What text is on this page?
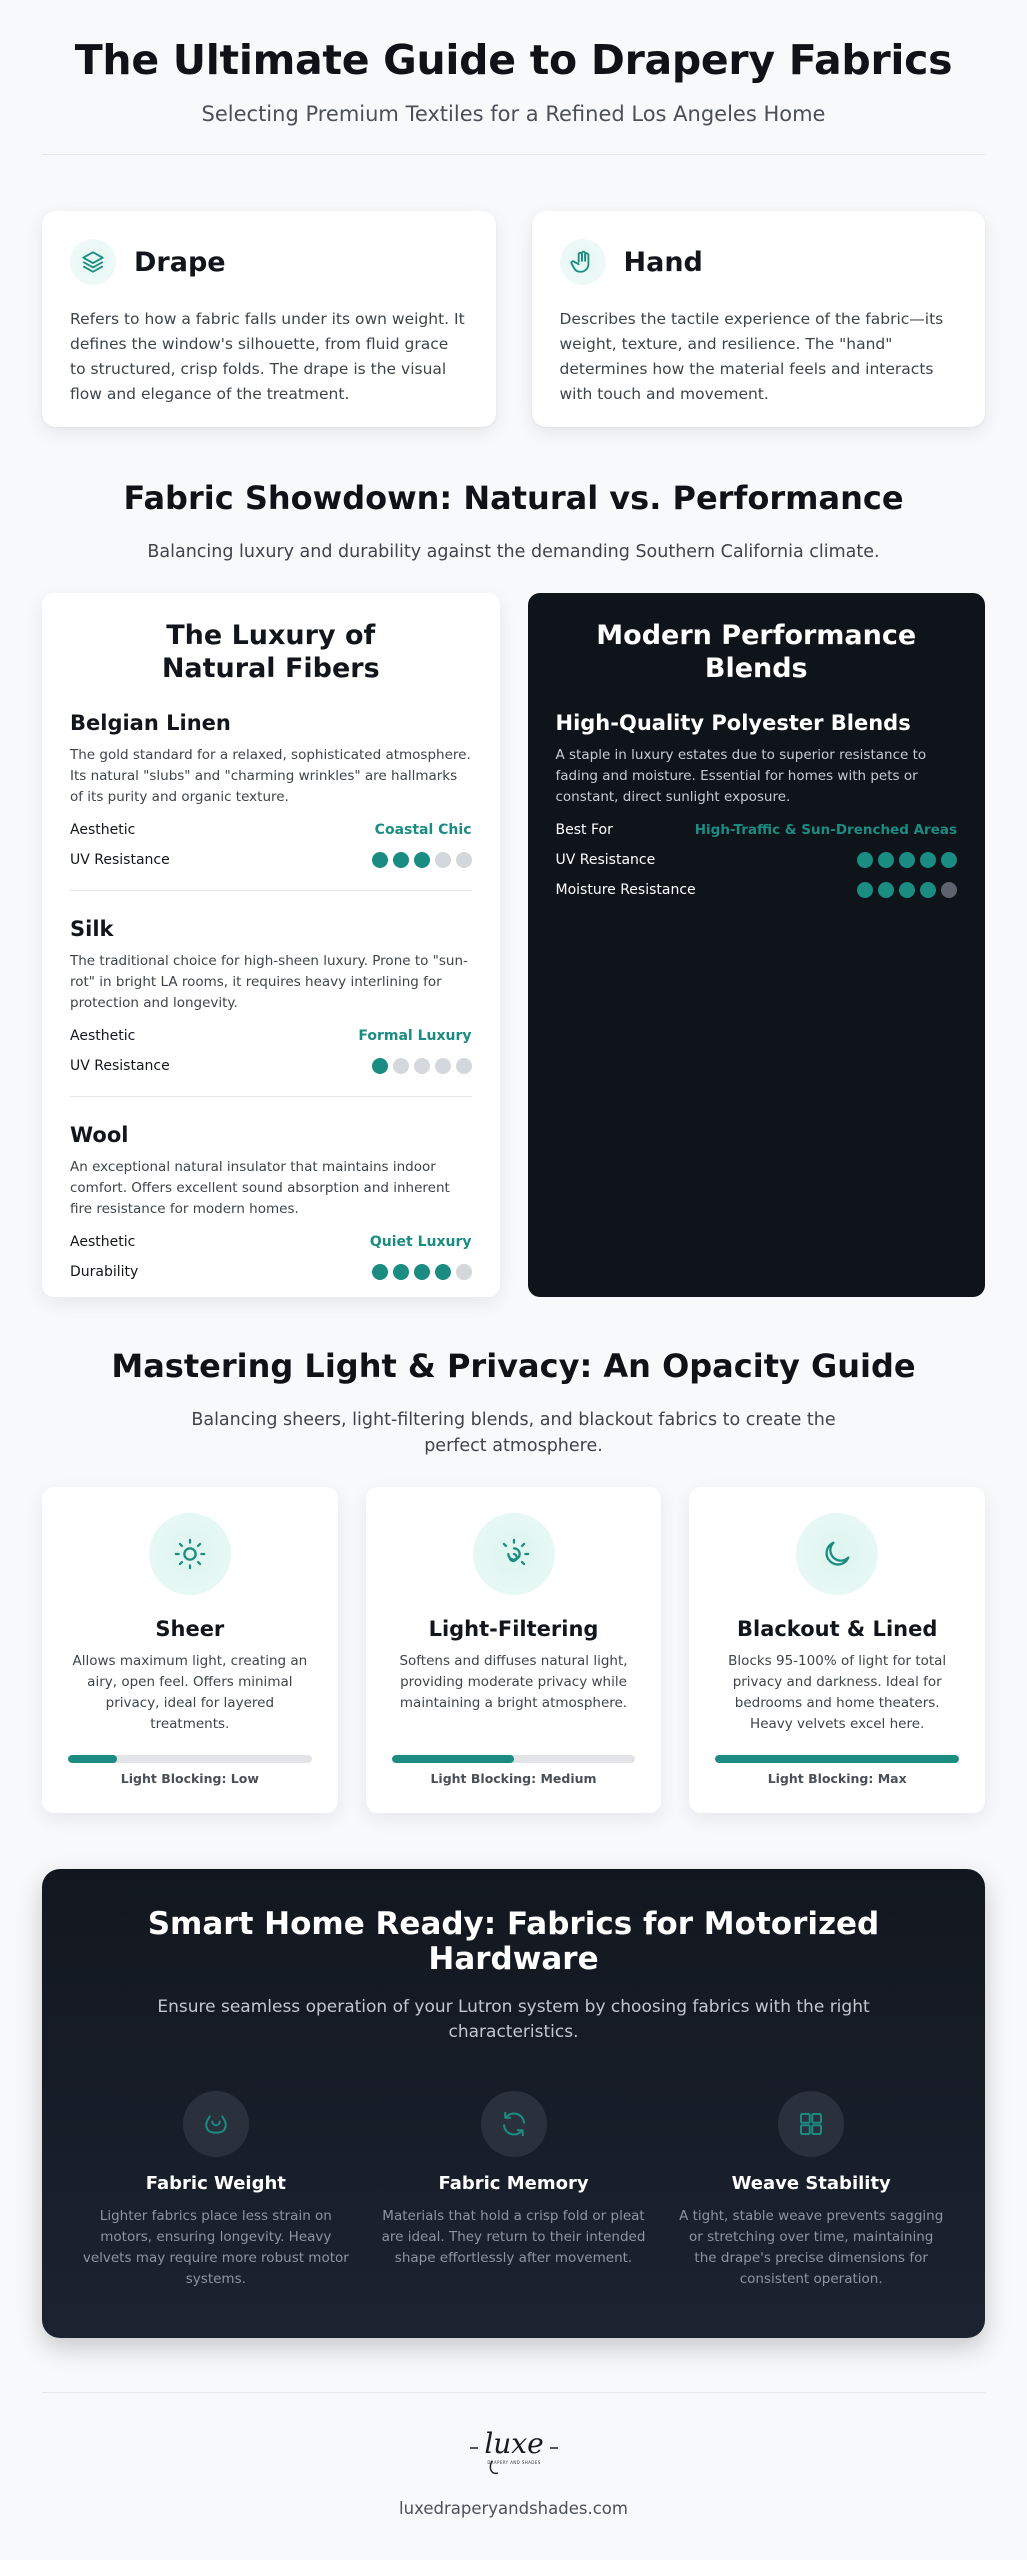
The Ultimate Guide to Drapery Fabrics

Selecting Premium Textiles for a Refined Los Angeles Home

Drape

Refers to how a fabric falls under its own weight. It defines the window's silhouette, from fluid grace to structured, crisp folds. The drape is the visual flow and elegance of the treatment.

Hand

Describes the tactile experience of the fabric—its weight, texture, and resilience. The "hand" determines how the material feels and interacts with touch and movement.

Fabric Showdown: Natural vs. Performance

Balancing luxury and durability against the demanding Southern California climate.

The Luxury of Natural Fibers
Belgian Linen

The gold standard for a relaxed, sophisticated atmosphere. Its natural "slubs" and "charming wrinkles" are hallmarks of its purity and organic texture.

Aesthetic	Coastal Chic
UV Resistance
Silk

The traditional choice for high-sheen luxury. Prone to "sun-rot" in bright LA rooms, it requires heavy interlining for protection and longevity.

Aesthetic	Formal Luxury
UV Resistance
Wool

An exceptional natural insulator that maintains indoor comfort. Offers excellent sound absorption and inherent fire resistance for modern homes.

Aesthetic	Quiet Luxury
Durability
Modern Performance Blends
High-Quality Polyester Blends

A staple in luxury estates due to superior resistance to fading and moisture. Essential for homes with pets or constant, direct sunlight exposure.

Best For	High-Traffic & Sun-Drenched Areas
UV Resistance
Moisture Resistance
Mastering Light & Privacy: An Opacity Guide

Balancing sheers, light-filtering blends, and blackout fabrics to create the perfect atmosphere.

Sheer

Allows maximum light, creating an airy, open feel. Offers minimal privacy, ideal for layered treatments.

Light Blocking: Low
Light-Filtering

Softens and diffuses natural light, providing moderate privacy while maintaining a bright atmosphere.

Light Blocking: Medium
Blackout & Lined

Blocks 95-100% of light for total privacy and darkness. Ideal for bedrooms and home theaters. Heavy velvets excel here.

Light Blocking: Max
Smart Home Ready: Fabrics for Motorized Hardware

Ensure seamless operation of your Lutron system by choosing fabrics with the right characteristics.

Fabric Weight

Lighter fabrics place less strain on motors, ensuring longevity. Heavy velvets may require more robust motor systems.

Fabric Memory

Materials that hold a crisp fold or pleat are ideal. They return to their intended shape effortlessly after movement.

Weave Stability

A tight, stable weave prevents sagging or stretching over time, maintaining the drape's precise dimensions for consistent operation.

luxe
DRAPERY AND SHADES
luxedraperyandshades.com
